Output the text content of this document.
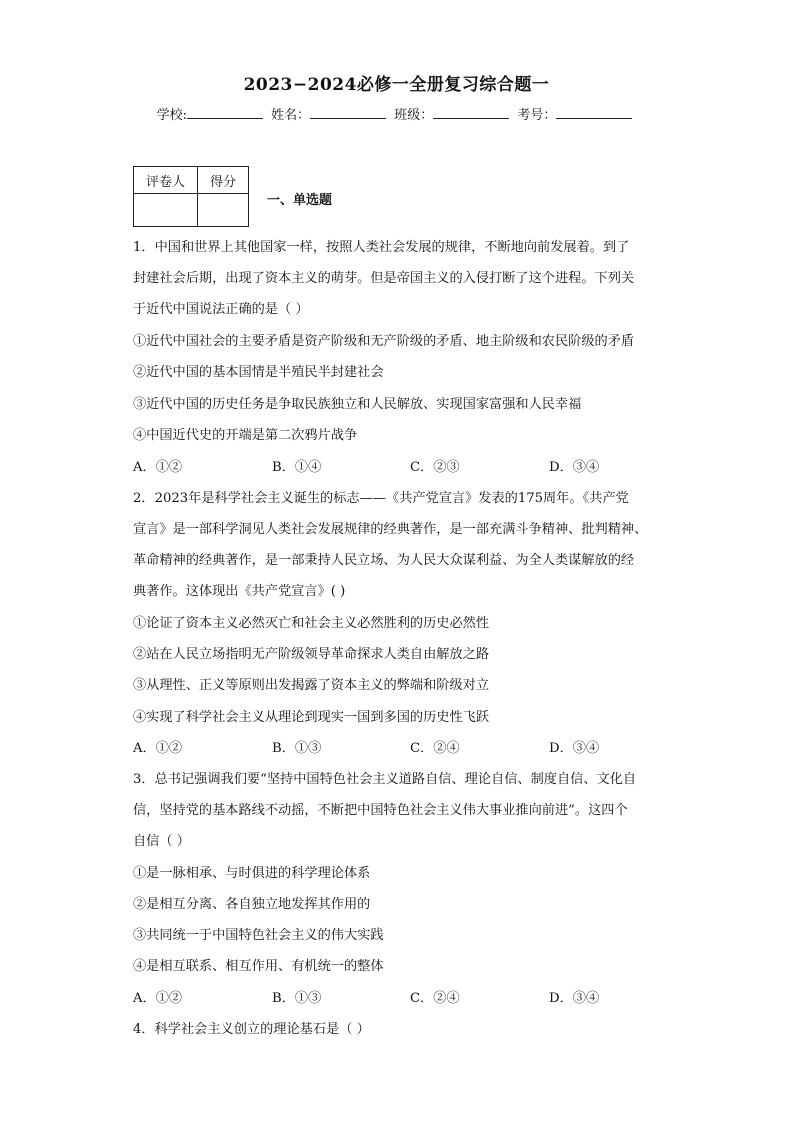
2023−2024必修一全册复习综合题一
学校:	姓名：	班级：	考号：
评卷人	得分

一、单选题
1．中国和世界上其他国家一样，按照人类社会发展的规律，不断地向前发展着。到了
封建社会后期，出现了资本主义的萌芽。但是帝国主义的入侵打断了这个进程。下列关
于近代中国说法正确的是（ ）
①近代中国社会的主要矛盾是资产阶级和无产阶级的矛盾、地主阶级和农民阶级的矛盾
②近代中国的基本国情是半殖民半封建社会
③近代中国的历史任务是争取民族独立和人民解放、实现国家富强和人民幸福
④中国近代史的开端是第二次鸦片战争
A．①②	B．①④	C．②③	D．③④
2．2023年是科学社会主义诞生的标志——《共产党宣言》发表的175周年。《共产党
宣言》是一部科学洞见人类社会发展规律的经典著作，是一部充满斗争精神、批判精神、
革命精神的经典著作，是一部秉持人民立场、为人民大众谋利益、为全人类谋解放的经
典著作。这体现出《共产党宣言》( )
①论证了资本主义必然灭亡和社会主义必然胜利的历史必然性
②站在人民立场指明无产阶级领导革命探求人类自由解放之路
③从理性、正义等原则出发揭露了资本主义的弊端和阶级对立
④实现了科学社会主义从理论到现实一国到多国的历史性飞跃
A．①②	B．①③	C．②④	D．③④
3．总书记强调我们要“坚持中国特色社会主义道路自信、理论自信、制度自信、文化自
信，坚持党的基本路线不动摇，不断把中国特色社会主义伟大事业推向前进”。这四个
自信（ ）
①是一脉相承、与时俱进的科学理论体系
②是相互分离、各自独立地发挥其作用的
③共同统一于中国特色社会主义的伟大实践
④是相互联系、相互作用、有机统一的整体
A．①②	B．①③	C．②④	D．③④
4．科学社会主义创立的理论基石是（ ）
